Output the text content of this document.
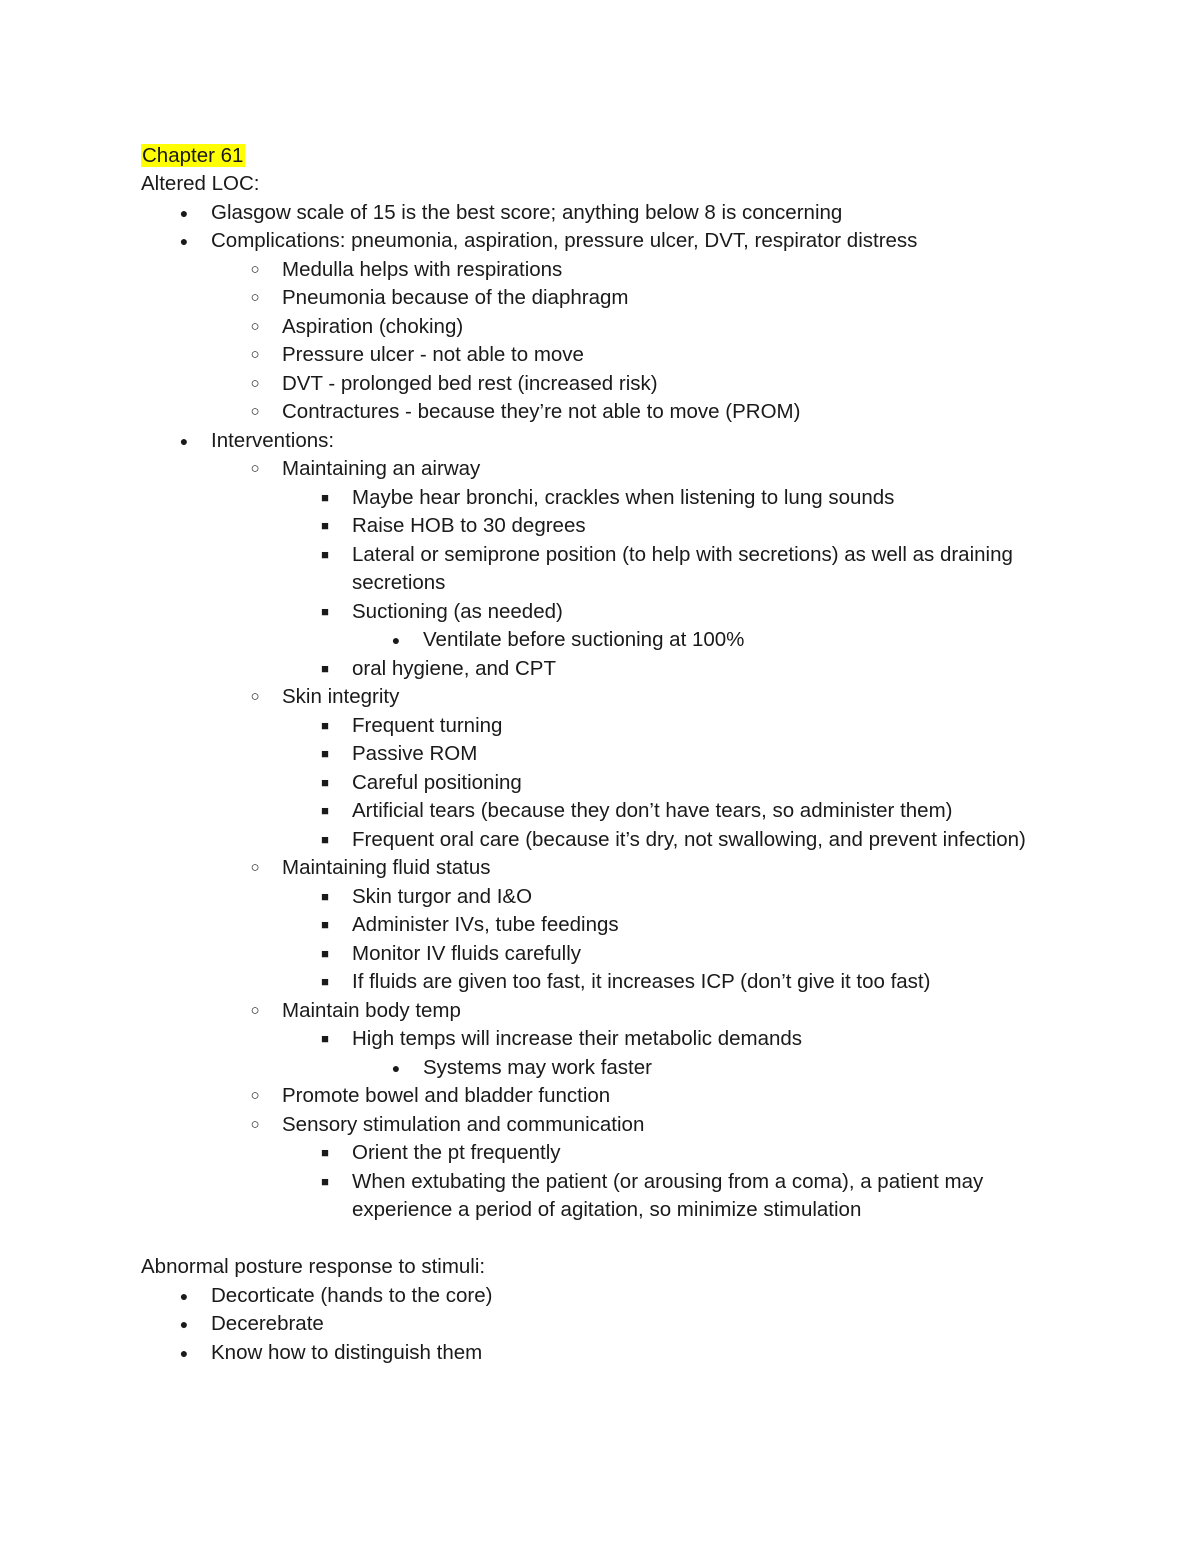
Chapter 61

Altered LOC:

● Glasgow scale of 15 is the best score; anything below 8 is concerning
● Complications: pneumonia, aspiration, pressure ulcer, DVT, respirator distress
○ Medulla helps with respirations
○ Pneumonia because of the diaphragm
○ Aspiration (choking)
○ Pressure ulcer - not able to move
○ DVT - prolonged bed rest (increased risk)
○ Contractures - because they’re not able to move (PROM)
● Interventions:
○ Maintaining an airway
■ Maybe hear bronchi, crackles when listening to lung sounds
■ Raise HOB to 30 degrees
■ Lateral or semiprone position (to help with secretions) as well as draining secretions
■ Suctioning (as needed)
● Ventilate before suctioning at 100%
■ oral hygiene, and CPT
○ Skin integrity
■ Frequent turning
■ Passive ROM
■ Careful positioning
■ Artificial tears (because they don’t have tears, so administer them)
■ Frequent oral care (because it’s dry, not swallowing, and prevent infection)
○ Maintaining fluid status
■ Skin turgor and I&O
■ Administer IVs, tube feedings
■ Monitor IV fluids carefully
■ If fluids are given too fast, it increases ICP (don’t give it too fast)
○ Maintain body temp
■ High temps will increase their metabolic demands
● Systems may work faster
○ Promote bowel and bladder function
○ Sensory stimulation and communication
■ Orient the pt frequently
■ When extubating the patient (or arousing from a coma), a patient may experience a period of agitation, so minimize stimulation

Abnormal posture response to stimuli:

● Decorticate (hands to the core)
● Decerebrate
● Know how to distinguish them
